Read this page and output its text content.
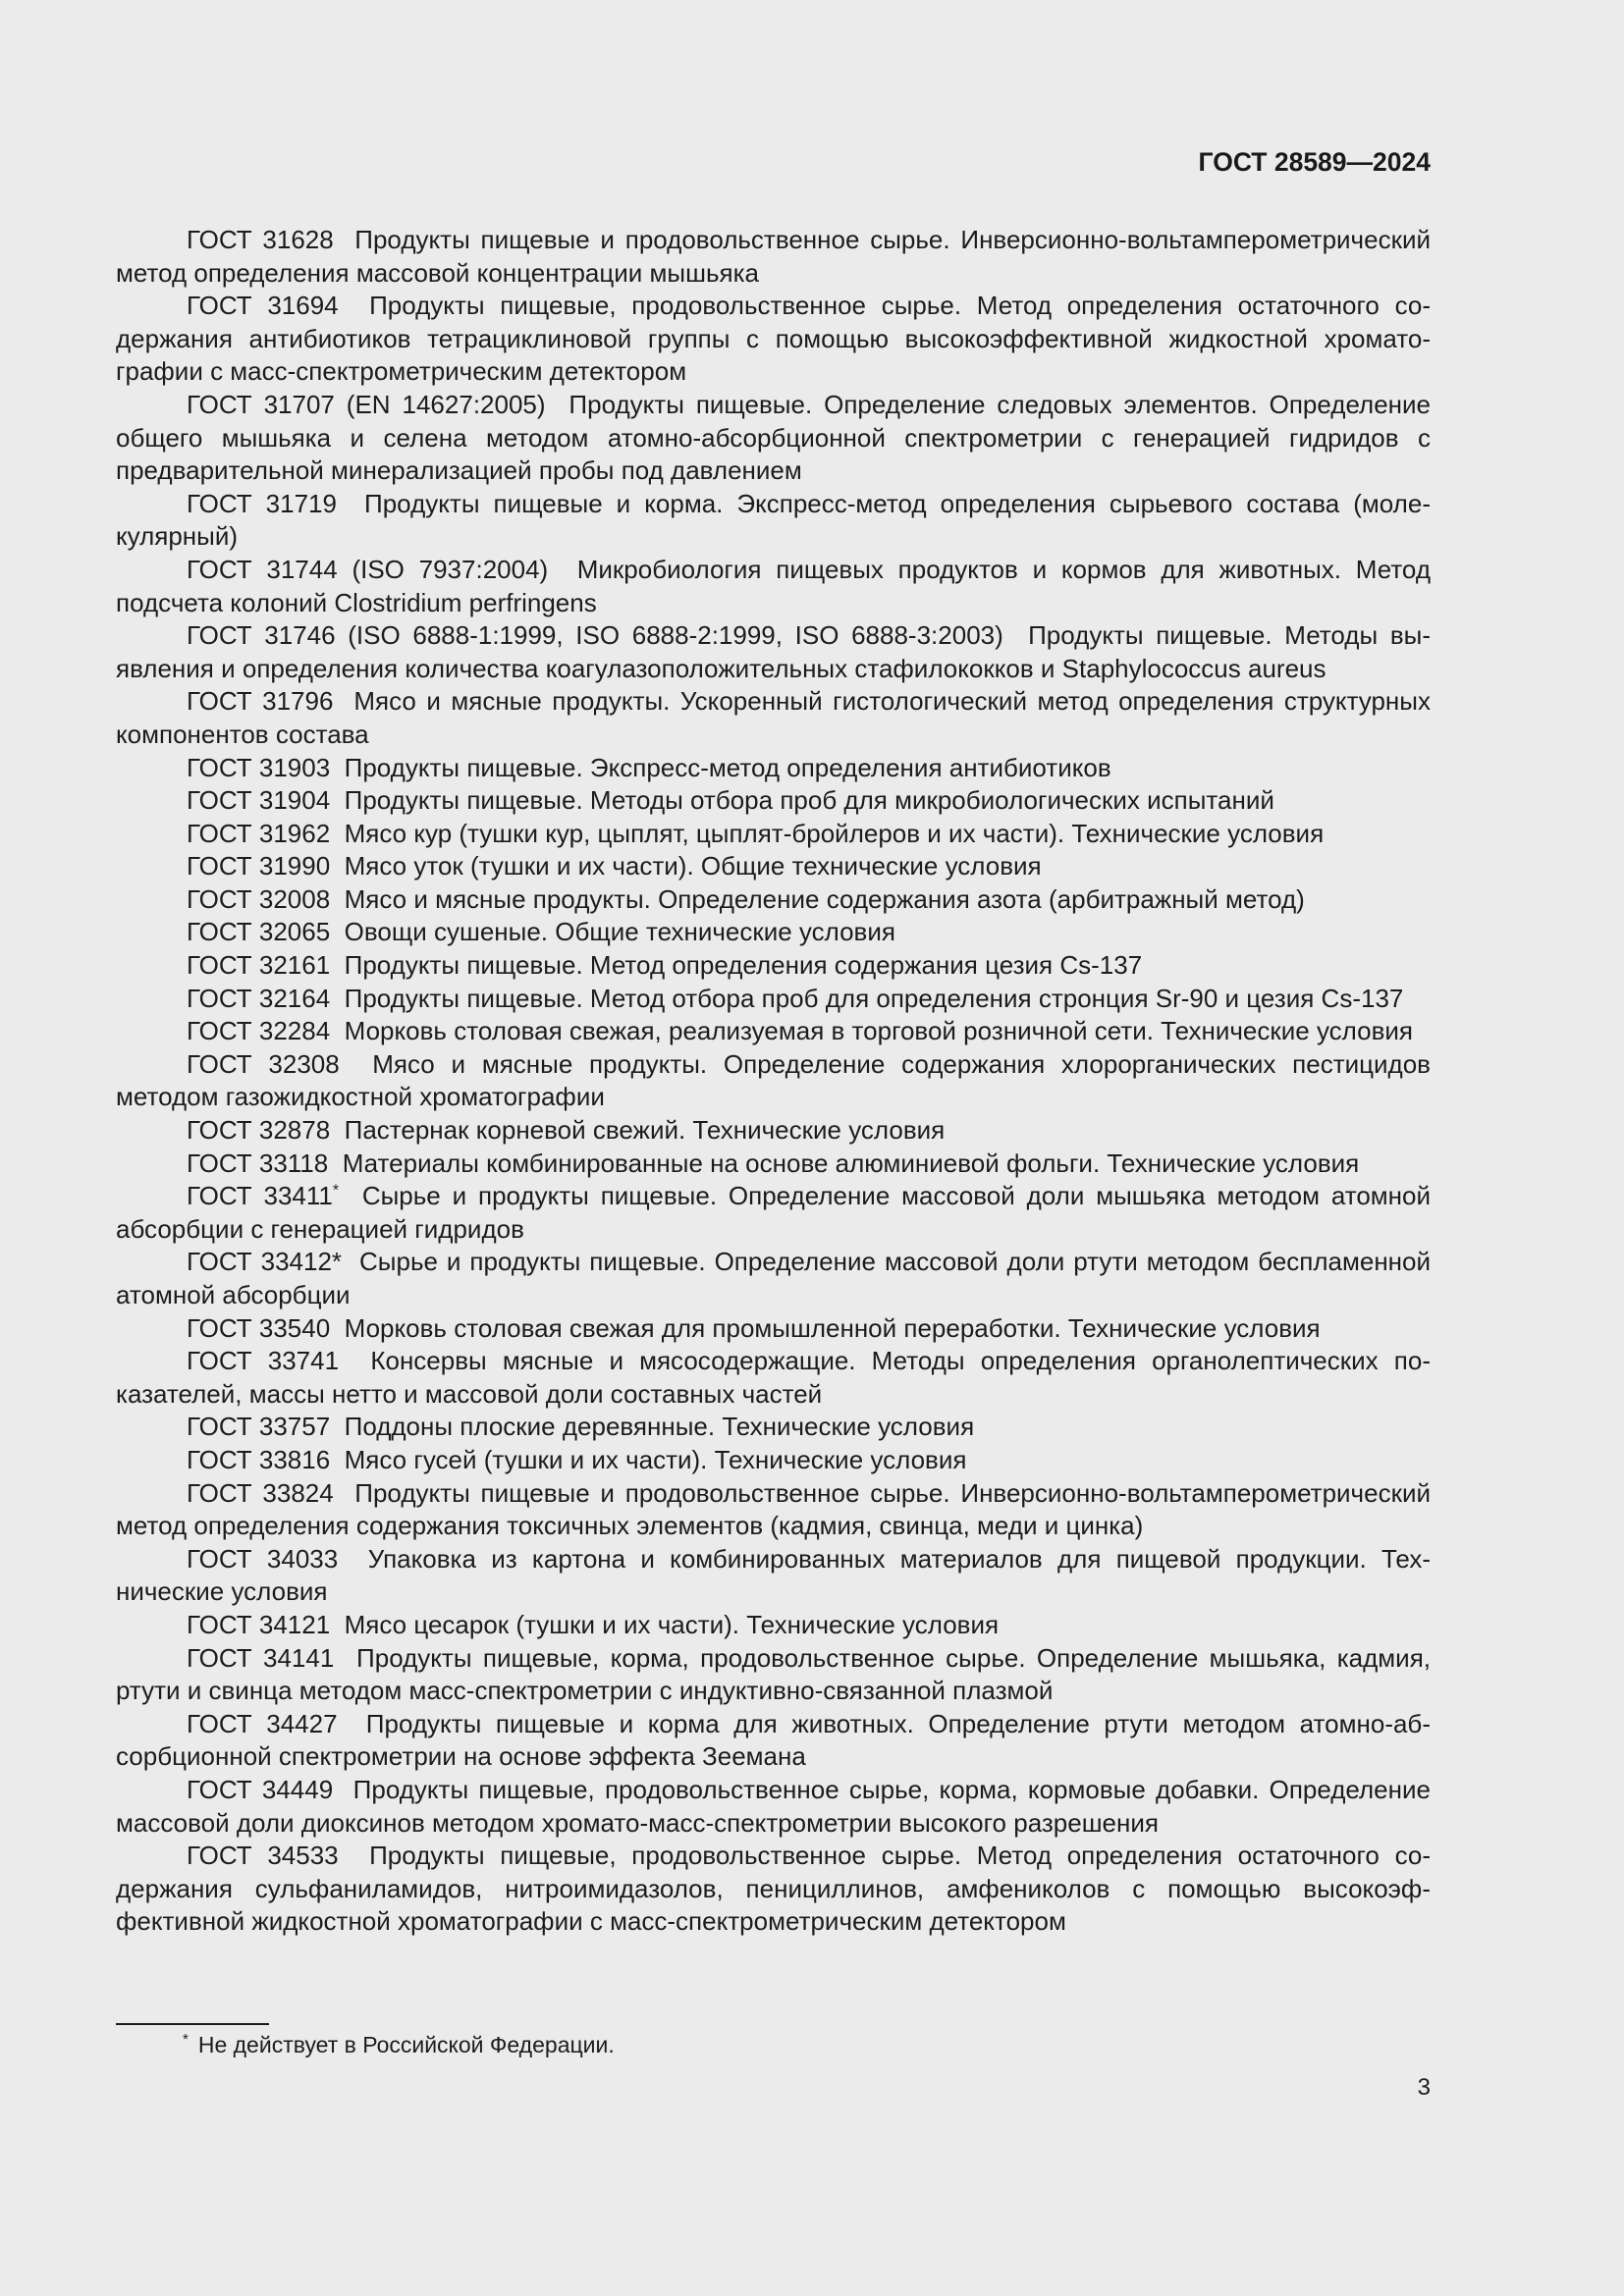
ГОСТ 28589—2024

ГОСТ 31628 Продукты пищевые и продовольственное сырье. Инверсионно-вольтамперометрический метод определения массовой концентрации мышьяка

ГОСТ 31694 Продукты пищевые, продовольственное сырье. Метод определения остаточного содержания антибиотиков тетрациклиновой группы с помощью высокоэффективной жидкостной хроматографии с масс-спектрометрическим детектором

ГОСТ 31707 (EN 14627:2005) Продукты пищевые. Определение следовых элементов. Определение общего мышьяка и селена методом атомно-абсорбционной спектрометрии с генерацией гидридов с предварительной минерализацией пробы под давлением

ГОСТ 31719 Продукты пищевые и корма. Экспресс-метод определения сырьевого состава (молекулярный)

ГОСТ 31744 (ISO 7937:2004) Микробиология пищевых продуктов и кормов для животных. Метод подсчета колоний Clostridium perfringens

ГОСТ 31746 (ISO 6888-1:1999, ISO 6888-2:1999, ISO 6888-3:2003) Продукты пищевые. Методы выявления и определения количества коагулазоположительных стафилококков и Staphylococcus aureus

ГОСТ 31796 Мясо и мясные продукты. Ускоренный гистологический метод определения структурных компонентов состава

ГОСТ 31903 Продукты пищевые. Экспресс-метод определения антибиотиков

ГОСТ 31904 Продукты пищевые. Методы отбора проб для микробиологических испытаний

ГОСТ 31962 Мясо кур (тушки кур, цыплят, цыплят-бройлеров и их части). Технические условия

ГОСТ 31990 Мясо уток (тушки и их части). Общие технические условия

ГОСТ 32008 Мясо и мясные продукты. Определение содержания азота (арбитражный метод)

ГОСТ 32065 Овощи сушеные. Общие технические условия

ГОСТ 32161 Продукты пищевые. Метод определения содержания цезия Cs-137

ГОСТ 32164 Продукты пищевые. Метод отбора проб для определения стронция Sr-90 и цезия Cs-137

ГОСТ 32284 Морковь столовая свежая, реализуемая в торговой розничной сети. Технические условия

ГОСТ 32308 Мясо и мясные продукты. Определение содержания хлорорганических пестицидов методом газожидкостной хроматографии

ГОСТ 32878 Пастернак корневой свежий. Технические условия

ГОСТ 33118 Материалы комбинированные на основе алюминиевой фольги. Технические условия

ГОСТ 33411* Сырье и продукты пищевые. Определение массовой доли мышьяка методом атомной абсорбции с генерацией гидридов

ГОСТ 33412* Сырье и продукты пищевые. Определение массовой доли ртути методом беспламенной атомной абсорбции

ГОСТ 33540 Морковь столовая свежая для промышленной переработки. Технические условия

ГОСТ 33741 Консервы мясные и мясосодержащие. Методы определения органолептических показателей, массы нетто и массовой доли составных частей

ГОСТ 33757 Поддоны плоские деревянные. Технические условия

ГОСТ 33816 Мясо гусей (тушки и их части). Технические условия

ГОСТ 33824 Продукты пищевые и продовольственное сырье. Инверсионно-вольтамперометрический метод определения содержания токсичных элементов (кадмия, свинца, меди и цинка)

ГОСТ 34033 Упаковка из картона и комбинированных материалов для пищевой продукции. Технические условия

ГОСТ 34121 Мясо цесарок (тушки и их части). Технические условия

ГОСТ 34141 Продукты пищевые, корма, продовольственное сырье. Определение мышьяка, кадмия, ртути и свинца методом масс-спектрометрии с индуктивно-связанной плазмой

ГОСТ 34427 Продукты пищевые и корма для животных. Определение ртути методом атомно-абсорбционной спектрометрии на основе эффекта Зеемана

ГОСТ 34449 Продукты пищевые, продовольственное сырье, корма, кормовые добавки. Определение массовой доли диоксинов методом хромато-масс-спектрометрии высокого разрешения

ГОСТ 34533 Продукты пищевые, продовольственное сырье. Метод определения остаточного содержания сульфаниламидов, нитроимидазолов, пенициллинов, амфениколов с помощью высокоэффективной жидкостной хроматографии с масс-спектрометрическим детектором

* Не действует в Российской Федерации.
3
